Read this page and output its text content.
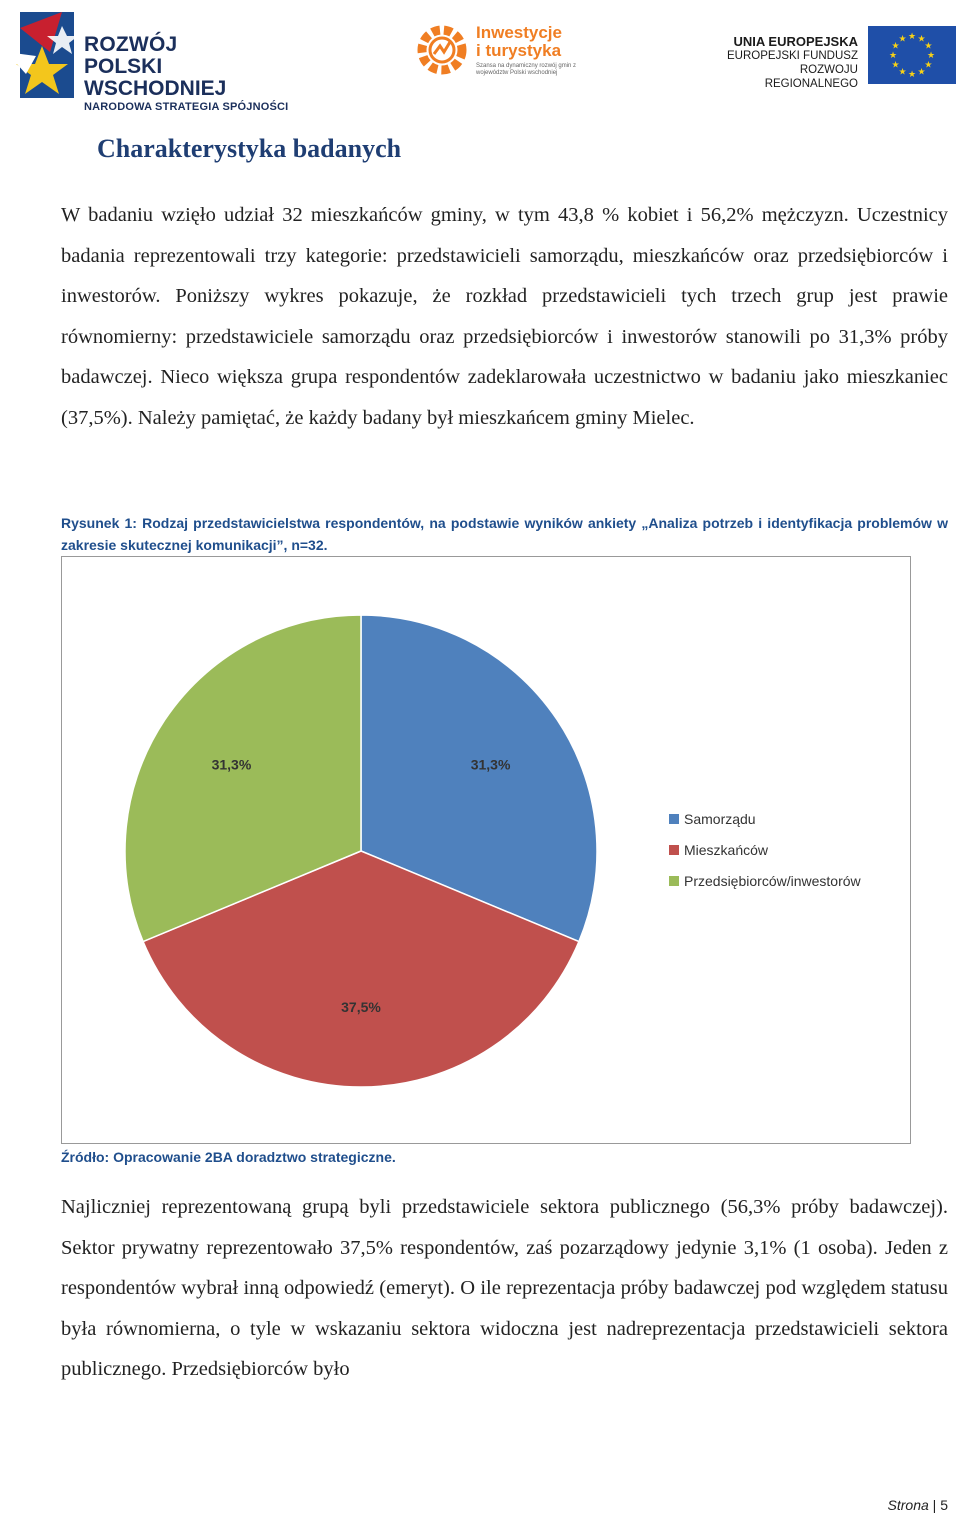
ROZWÓJ
POLSKI WSCHODNIEJ
NARODOWA STRATEGIA SPÓJNOŚCI
Inwestycje
i turystyka
Szansa na dynamiczny rozwój gmin z województw Polski wschodniej
UNIA EUROPEJSKA
EUROPEJSKI FUNDUSZ
ROZWOJU REGIONALNEGO
★ ★
★
★
★
★
★
★
★
★
★
★
Charakterystyka badanych

W badaniu wzięło udział 32 mieszkańców gminy, w tym 43,8 % kobiet i 56,2% mężczyzn. Uczestnicy badania reprezentowali trzy kategorie: przedstawicieli samorządu, mieszkańców oraz przedsiębiorców i inwestorów. Poniższy wykres pokazuje, że rozkład przedstawicieli tych trzech grup jest prawie równomierny: przedstawiciele samorządu oraz przedsiębiorców i inwestorów stanowili po 31,3% próby badawczej. Nieco większa grupa respondentów zadeklarowała uczestnictwo w badaniu jako mieszkaniec (37,5%). Należy pamiętać, że każdy badany był mieszkańcem gminy Mielec.

Rysunek 1: Rodzaj przedstawicielstwa respondentów, na podstawie wyników ankiety „Analiza potrzeb i identyfikacja problemów w zakresie skutecznej komunikacji”, n=32.

31,3%
37,5%
31,3%
Samorządu
Mieszkańców
Przedsiębiorców/inwestorów

Źródło: Opracowanie 2BA doradztwo strategiczne.

Najliczniej reprezentowaną grupą byli przedstawiciele sektora publicznego (56,3% próby badawczej). Sektor prywatny reprezentowało 37,5% respondentów, zaś pozarządowy jedynie 3,1% (1 osoba). Jeden z respondentów wybrał inną odpowiedź (emeryt). O ile reprezentacja próby badawczej pod względem statusu była równomierna, o tyle w wskazaniu sektora widoczna jest nadreprezentacja przedstawicieli sektora publicznego. Przedsiębiorców było

Strona | 5
